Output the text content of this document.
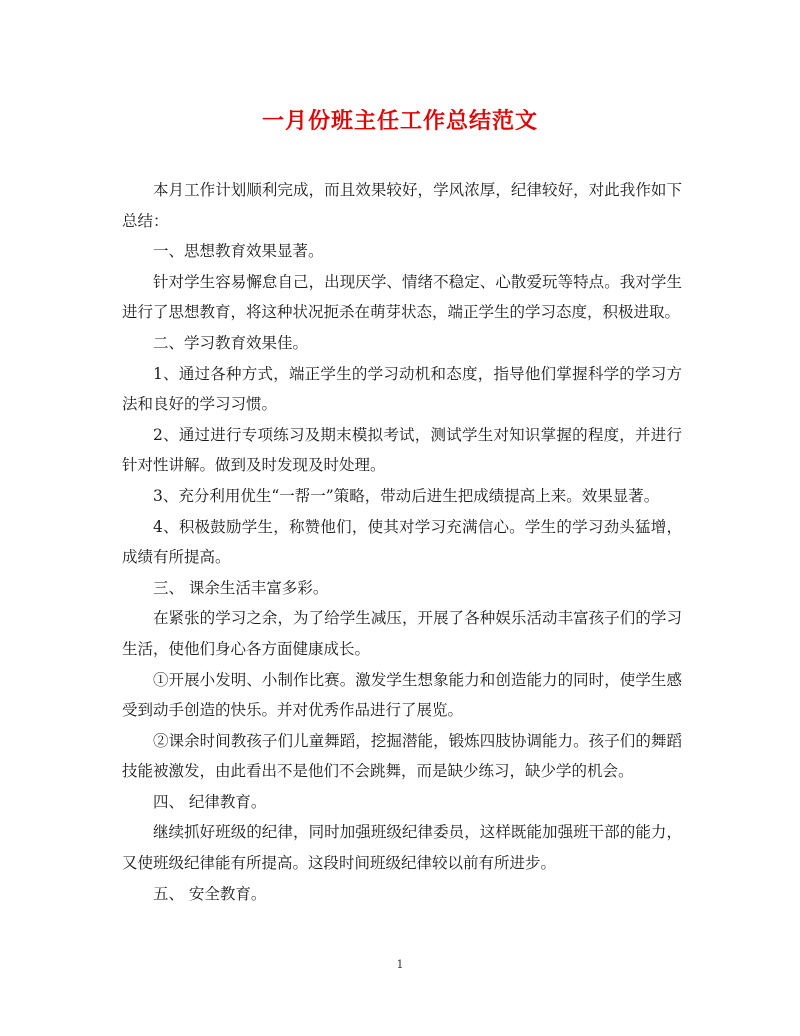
一月份班主任工作总结范文

本月工作计划顺利完成，而且效果较好，学风浓厚，纪律较好，对此我作如下总结：

一、思想教育效果显著。

针对学生容易懈怠自己，出现厌学、情绪不稳定、心散爱玩等特点。我对学生进行了思想教育，将这种状况扼杀在萌芽状态，端正学生的学习态度，积极进取。

二、学习教育效果佳。

1、通过各种方式，端正学生的学习动机和态度，指导他们掌握科学的学习方法和良好的学习习惯。

2、通过进行专项练习及期末模拟考试，测试学生对知识掌握的程度，并进行针对性讲解。做到及时发现及时处理。

3、充分利用优生“一帮一”策略，带动后进生把成绩提高上来。效果显著。

4、积极鼓励学生，称赞他们，使其对学习充满信心。学生的学习劲头猛增，成绩有所提高。

三、 课余生活丰富多彩。

在紧张的学习之余，为了给学生减压，开展了各种娱乐活动丰富孩子们的学习生活，使他们身心各方面健康成长。

①开展小发明、小制作比赛。激发学生想象能力和创造能力的同时，使学生感受到动手创造的快乐。并对优秀作品进行了展览。

②课余时间教孩子们儿童舞蹈，挖掘潜能，锻炼四肢协调能力。孩子们的舞蹈技能被激发，由此看出不是他们不会跳舞，而是缺少练习，缺少学的机会。

四、 纪律教育。

继续抓好班级的纪律，同时加强班级纪律委员，这样既能加强班干部的能力，又使班级纪律能有所提高。这段时间班级纪律较以前有所进步。

五、 安全教育。

1
